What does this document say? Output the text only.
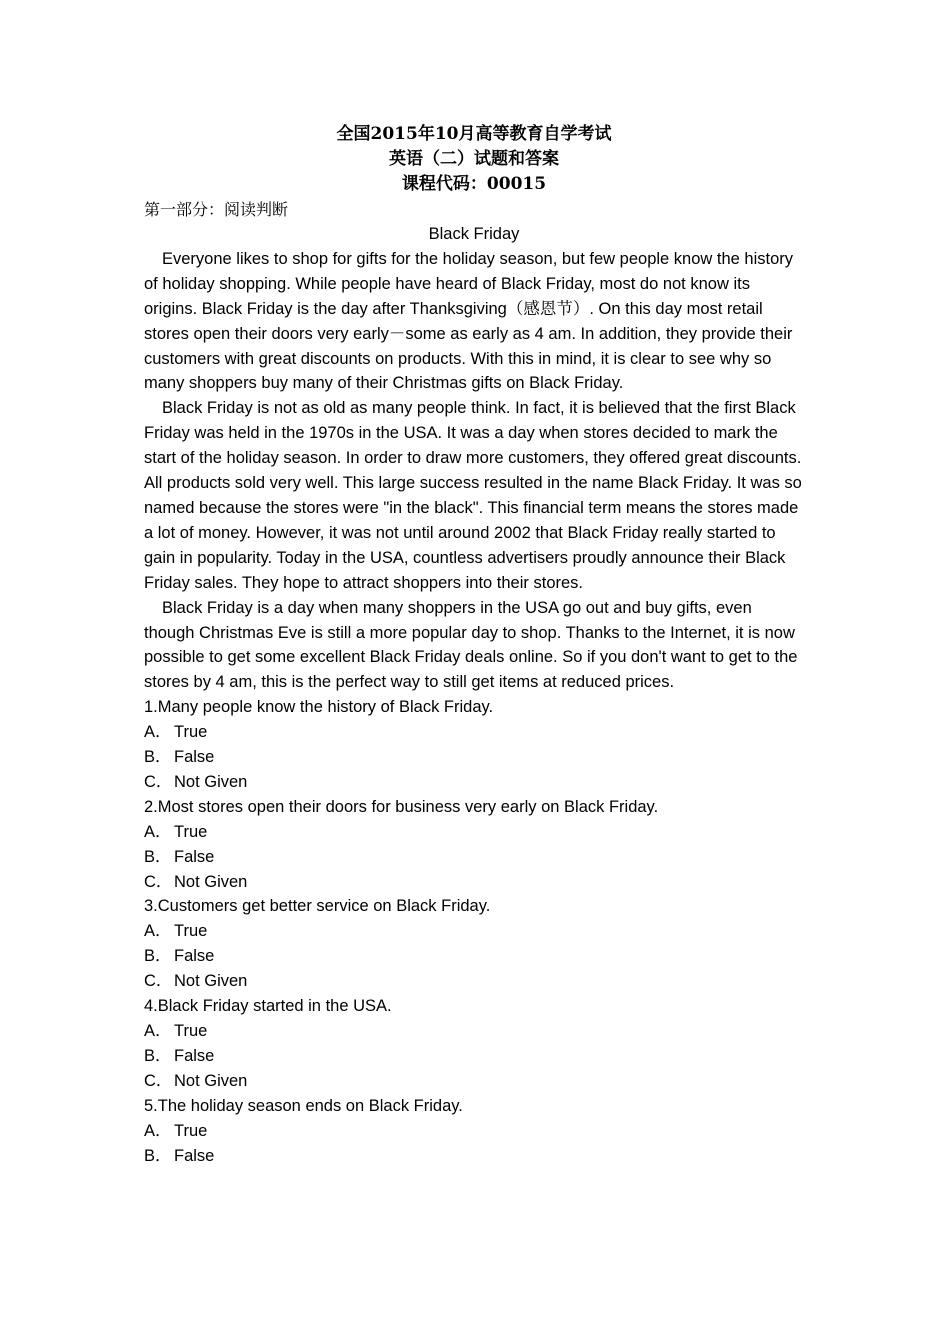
全国2015年10月高等教育自学考试

英语（二）试题和答案

课程代码：00015

第一部分：阅读判断

Black Friday

Everyone likes to shop for gifts for the holiday season, but few people know the history of holiday shopping. While people have heard of Black Friday, most do not know its origins. Black Friday is the day after Thanksgiving（感恩节）. On this day most retail stores open their doors very early－some as early as 4 am. In addition, they provide their customers with great discounts on products. With this in mind, it is clear to see why so many shoppers buy many of their Christmas gifts on Black Friday.

Black Friday is not as old as many people think. In fact, it is believed that the first Black Friday was held in the 1970s in the USA. It was a day when stores decided to mark the start of the holiday season. In order to draw more customers, they offered great discounts. All products sold very well. This large success resulted in the name Black Friday. It was so named because the stores were "in the black". This financial term means the stores made a lot of money. However, it was not until around 2002 that Black Friday really started to gain in popularity. Today in the USA, countless advertisers proudly announce their Black Friday sales. They hope to attract shoppers into their stores.

Black Friday is a day when many shoppers in the USA go out and buy gifts, even though Christmas Eve is still a more popular day to shop. Thanks to the Internet, it is now possible to get some excellent Black Friday deals online. So if you don't want to get to the stores by 4 am, this is the perfect way to still get items at reduced prices.

1.Many people know the history of Black Friday.

A． True

B． False

C． Not Given

2.Most stores open their doors for business very early on Black Friday.

A． True

B． False

C． Not Given

3.Customers get better service on Black Friday.

A． True

B． False

C． Not Given

4.Black Friday started in the USA.

A． True

B． False

C． Not Given

5.The holiday season ends on Black Friday.

A． True

B． False
